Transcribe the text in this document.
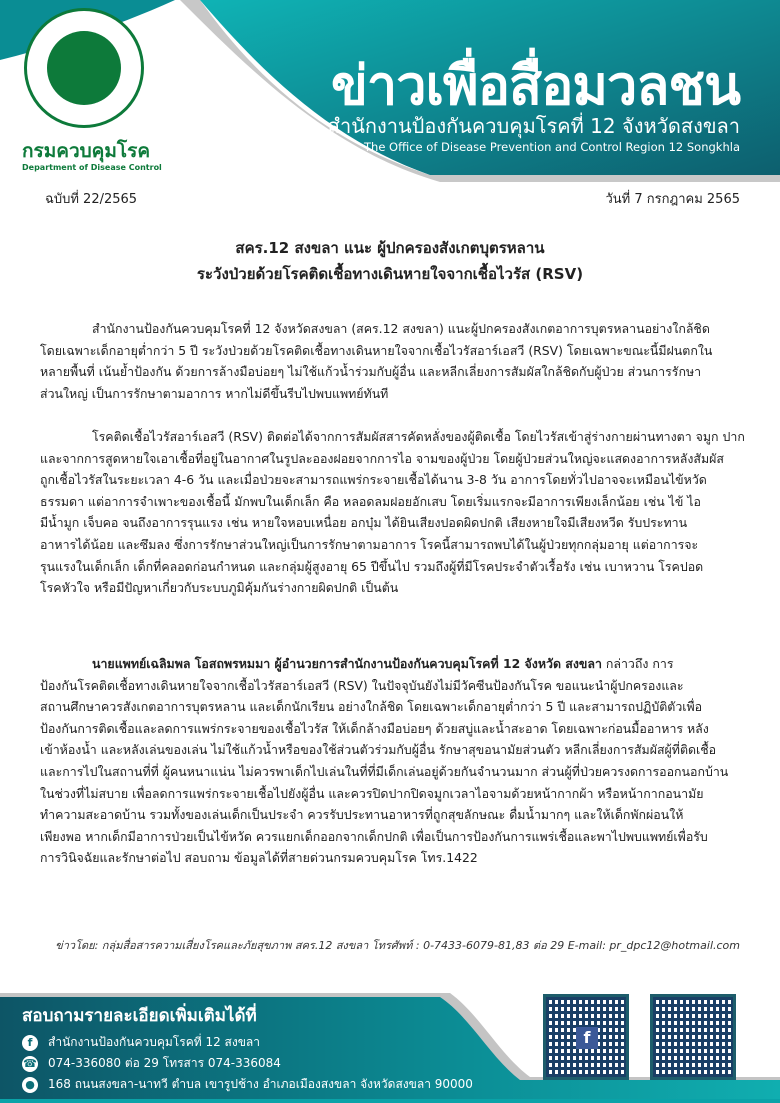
กรมควบคุมโรค
Department of Disease Control
ข่าวเพื่อสื่อมวลชน
สำนักงานป้องกันควบคุมโรคที่ 12 จังหวัดสงขลา
The Office of Disease Prevention and Control Region 12 Songkhla
ฉบับที่ 22/2565	วันที่ 7 กรกฎาคม 2565
สคร.12 สงขลา แนะ ผู้ปกครองสังเกตบุตรหลาน
ระวังป่วยด้วยโรคติดเชื้อทางเดินหายใจจากเชื้อไวรัส (RSV)
สำนักงานป้องกันควบคุมโรคที่ 12 จังหวัดสงขลา (สคร.12 สงขลา) แนะผู้ปกครองสังเกตอาการบุตรหลานอย่างใกล้ชิด
โดยเฉพาะเด็กอายุต่ำกว่า 5 ปี ระวังป่วยด้วยโรคติดเชื้อทางเดินหายใจจากเชื้อไวรัสอาร์เอสวี (RSV) โดยเฉพาะขณะนี้มีฝนตกใน
หลายพื้นที่ เน้นย้ำป้องกัน ด้วยการล้างมือบ่อยๆ ไม่ใช้แก้วน้ำร่วมกับผู้อื่น และหลีกเลี่ยงการสัมผัสใกล้ชิดกับผู้ป่วย ส่วนการรักษา
ส่วนใหญ่ เป็นการรักษาตามอาการ หากไม่ดีขึ้นรีบไปพบแพทย์ทันที
โรคติดเชื้อไวรัสอาร์เอสวี (RSV) ติดต่อได้จากการสัมผัสสารคัดหลั่งของผู้ติดเชื้อ โดยไวรัสเข้าสู่ร่างกายผ่านทางตา จมูก ปาก
และจากการสูดหายใจเอาเชื้อที่อยู่ในอากาศในรูปละอองฝอยจากการไอ จามของผู้ป่วย โดยผู้ป่วยส่วนใหญ่จะแสดงอาการหลังสัมผัส
ถูกเชื้อไวรัสในระยะเวลา 4-6 วัน และเมื่อป่วยจะสามารถแพร่กระจายเชื้อได้นาน 3-8 วัน อาการโดยทั่วไปอาจจะเหมือนไข้หวัด
ธรรมดา แต่อาการจำเพาะของเชื้อนี้ มักพบในเด็กเล็ก คือ หลอดลมฝอยอักเสบ โดยเริ่มแรกจะมีอาการเพียงเล็กน้อย เช่น ไข้ ไอ
มีน้ำมูก เจ็บคอ จนถึงอาการรุนแรง เช่น หายใจหอบเหนื่อย อกบุ๋ม ได้ยินเสียงปอดผิดปกติ เสียงหายใจมีเสียงหวีด รับประทาน
อาหารได้น้อย และซึมลง ซึ่งการรักษาส่วนใหญ่เป็นการรักษาตามอาการ โรคนี้สามารถพบได้ในผู้ป่วยทุกกลุ่มอายุ แต่อาการจะ
รุนแรงในเด็กเล็ก เด็กที่คลอดก่อนกำหนด และกลุ่มผู้สูงอายุ 65 ปีขึ้นไป รวมถึงผู้ที่มีโรคประจำตัวเรื้อรัง เช่น เบาหวาน โรคปอด
โรคหัวใจ หรือมีปัญหาเกี่ยวกับระบบภูมิคุ้มกันร่างกายผิดปกติ เป็นต้น
นายแพทย์เฉลิมพล โอสถพรหมมา ผู้อำนวยการสำนักงานป้องกันควบคุมโรคที่ 12 จังหวัด สงขลา กล่าวถึง การ
ป้องกันโรคติดเชื้อทางเดินหายใจจากเชื้อไวรัสอาร์เอสวี (RSV) ในปัจจุบันยังไม่มีวัคซีนป้องกันโรค ขอแนะนำผู้ปกครองและ
สถานศึกษาควรสังเกตอาการบุตรหลาน และเด็กนักเรียน อย่างใกล้ชิด โดยเฉพาะเด็กอายุต่ำกว่า 5 ปี และสามารถปฏิบัติตัวเพื่อ
ป้องกันการติดเชื้อและลดการแพร่กระจายของเชื้อไวรัส ให้เด็กล้างมือบ่อยๆ ด้วยสบู่และน้ำสะอาด โดยเฉพาะก่อนมื้ออาหาร หลัง
เข้าห้องน้ำ และหลังเล่นของเล่น ไม่ใช้แก้วน้ำหรือของใช้ส่วนตัวร่วมกับผู้อื่น รักษาสุขอนามัยส่วนตัว หลีกเลี่ยงการสัมผัสผู้ที่ติดเชื้อ
และการไปในสถานที่ที่ ผู้คนหนาแน่น ไม่ควรพาเด็กไปเล่นในที่ที่มีเด็กเล่นอยู่ด้วยกันจำนวนมาก ส่วนผู้ที่ป่วยควรงดการออกนอกบ้าน
ในช่วงที่ไม่สบาย เพื่อลดการแพร่กระจายเชื้อไปยังผู้อื่น และควรปิดปากปิดจมูกเวลาไอจามด้วยหน้ากากผ้า หรือหน้ากากอนามัย
ทำความสะอาดบ้าน รวมทั้งของเล่นเด็กเป็นประจำ ควรรับประทานอาหารที่ถูกสุขลักษณะ ดื่มน้ำมากๆ และให้เด็กพักผ่อนให้
เพียงพอ หากเด็กมีอาการป่วยเป็นไข้หวัด ควรแยกเด็กออกจากเด็กปกติ เพื่อเป็นการป้องกันการแพร่เชื้อและพาไปพบแพทย์เพื่อรับ
การวินิจฉัยและรักษาต่อไป สอบถาม ข้อมูลได้ที่สายด่วนกรมควบคุมโรค โทร.1422
ข่าวโดย: กลุ่มสื่อสารความเสี่ยงโรคและภัยสุขภาพ สคร.12 สงขลา โทรศัพท์ : 0-7433-6079-81,83 ต่อ 29 E-mail: pr_dpc12@hotmail.com
สอบถามรายละเอียดเพิ่มเติมได้ที่
f	สำนักงานป้องกันควบคุมโรคที่ 12 สงขลา
☎ 074-336080 ต่อ 29 โทรสาร 074-336084
● 168 ถนนสงขลา-นาทวี ตำบล เขารูปช้าง อำเภอเมืองสงขลา จังหวัดสงขลา 90000
f
